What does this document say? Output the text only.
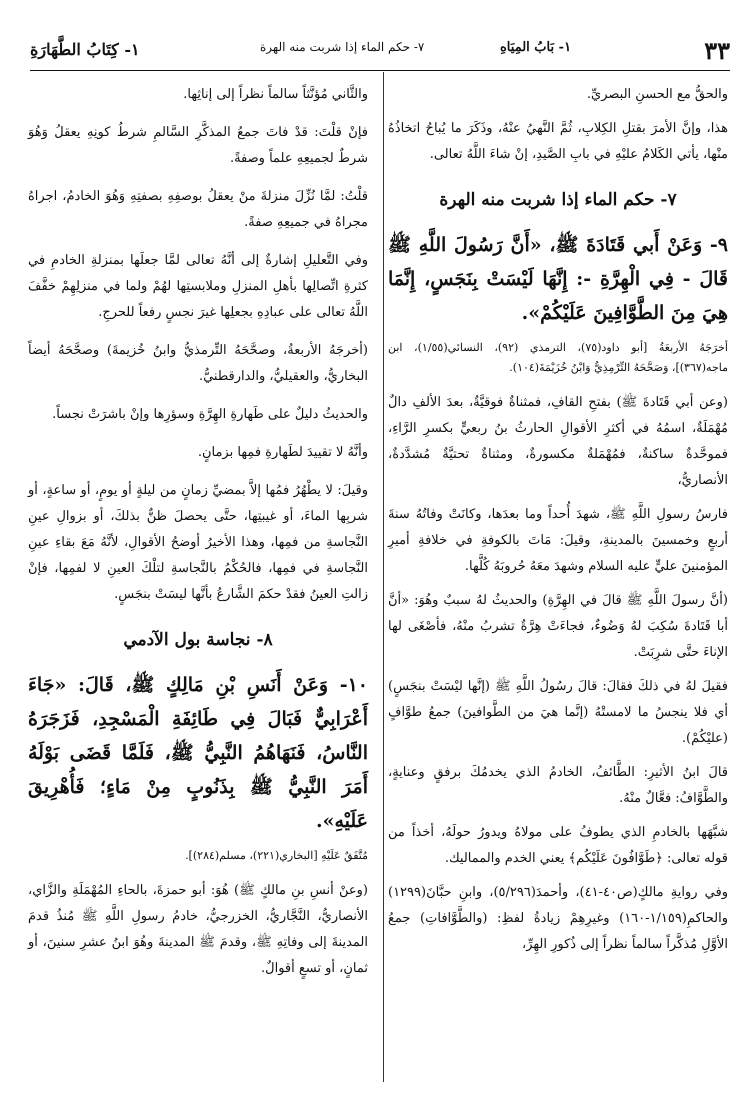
٣٣
١- بَابُ المِيَاهِ
٧- حكم الماء إذا شربت منه الهرة
١- كِتَابُ الطَّهَارَةِ

والحقُّ مع الحسنِ البصريِّ.

هذا، وإنَّ الأمرَ بقتلِ الكِلابِ، ثُمَّ النَّهيُ عنْهُ، وذَكَرَ ما يُباحُ اتخاذُهُ منْها، يأتي الكَلامُ عليْهِ في بابِ الصَّيدِ، إنْ شاءَ اللَّهُ تعالى.

٧- حكم الماء إذا شربت منه الهرة

٩- وَعَنْ أَبي قَتَادَةَ ﷺ، «أَنَّ رَسُولَ اللَّهِ ﷺ قَالَ - فِي الْهِرَّةِ -: إِنَّهَا لَيْسَتْ بِنَجَسٍ، إِنَّمَا هِيَ مِنَ الطَّوَّافِينَ عَلَيْكُمْ».

أخرَجَهُ الأربعَةُ [أبو داود(٧٥)، الترمذي (٩٢)، النسائي(١/٥٥)، ابن ماجه(٣٦٧)]، وَصَحَّحَهُ التِّرْمِذِيُّ وَابْنُ خُزَيْمَةَ(١٠٤).

(وعن أبي قَتَادةَ ﷺ) بفتحِ القافِ، فمثناةٌ فوقيَّةٌ، بعدَ الألفِ دالٌ مُهْمَلَةٌ، اسمُهُ في أكثرِ الأقوالِ الحارثُ بنُ ربعيٍّ بكسرِ الرَّاءِ، فموحَّدةٌ ساكنةٌ، فمُهْمَلةٌ مكسورةٌ، ومثناةٌ تحتيَّةٌ مُشدَّدةٌ، الأنصاريُّ،

فارسُ رسولِ اللَّهِ ﷺ، شهدَ أُحداً وما بعدَها، وكانَتْ وفاتُهُ سنةَ أربعٍ وخمسينَ بالمدينةِ، وقيلَ: مَاتَ بالكوفةِ في خلافةِ أميرِ المؤمنينَ عليٍّ عليه السلام وشهدَ معَهُ حُروبَهُ كُلَّها.

(أنَّ رسولَ اللَّهِ ﷺ قالَ في الهِرَّةِ) والحديثُ لهُ سببٌ وهُوَ: «أنَّ أبا قَتَادةَ سُكِبَ لهُ وَضُوءٌ، فجاءَتْ هِرَّةٌ تشربُ منْهُ، فأصْغَى لها الإناءَ حتَّى شرِبَتْ.

فقيلَ لهُ في ذلكَ فقالَ: قالَ رسُولُ اللَّهِ ﷺ (إنَّها ليْسَتْ بنجَسٍ) أي فلا ينجسُ ما لامستْهُ (إنَّما هيَ من الطَّوافينَ) جمعُ طوَّافٍ (عليْكُمْ).

قالَ ابنُ الأثيرِ: الطَّائفُ، الخادمُ الذي يخدمُكَ برفقٍ وعنايةٍ، والطَّوَّافُ: فعَّالٌ منْهُ.

شبَّهَها بالخادمِ الذي يطوفُ على مولاهُ ويدورُ حولَهُ، أخذاً من قوله تعالى: ﴿طَوَّافُونَ عَلَيْكُم﴾ يعني الخدم والمماليك.

وفي روايةِ مالكٍ(ص٤٠-٤١)، وأحمدَ(٥/٢٩٦)، وابنِ حبَّانَ(١٢٩٩) والحاكمِ(١/١٥٩-١٦٠) وغيرِهِمْ زيادةُ لفظِ: (والطَّوَّافاتِ) جمعُ الأوَّلِ مُذكَّراً سالماً نظراً إلى ذُكورِ الهِرِّ،

والثَّاني مُؤنَّثاً سالماً نظراً إلى إناثِها.

فإنْ قلْتَ: قدْ فاتَ جمعُ المذكَّرِ السَّالمِ شرطُ كونِهِ يعقلُ وَهُوَ شرطٌ لجميعِهِ علماً وصفةً.

قلْتُ: لمَّا نُزِّلَ منزلةَ منْ يعقلُ بوصفِهِ بصفتِهِ وَهُوَ الخادمُ، اجراهُ مجراهُ في جميعِهِ صفةً.

وفي التَّعليلِ إشارةٌ إلى أنَّهُ تعالى لمَّا جعلَها بمنزلةِ الخادمِ في كثرةِ اتِّصالِها بأهلِ المنزلِ وملابستِها لهُمْ ولما في منزلِهِمْ خفَّفَ اللَّهُ تعالى على عبادِهِ بجعلِها غيرَ نجسٍ رفعاً للحرجِ.

(أخرجَهُ الأربعةُ، وصحَّحَهُ التِّرمذيُّ وابنُ خُزيمةَ) وصحَّحَهُ أيضاً البخاريُّ، والعقيليُّ، والدارقطنيُّ.

والحديثُ دليلٌ على طَهارةِ الهِرَّةِ وسؤرِها وإنْ باشرَتْ نجساً.

وأنَّهُ لا تقييدَ لطَهارةِ فمِها بزمانٍ.

وقيلَ: لا يطْهُرُ فمُها إلاَّ بمضيِّ زمانٍ من ليلةٍ أو يومٍ، أو ساعةٍ، أو شربِها الماءَ، أو غيبتِها، حتَّى يحصلَ ظنٌّ بذلكَ، أو بزوالِ عينِ النَّجاسةِ من فمِها، وهذا الأخيرُ أوضحُ الأقوالِ، لأنَّهُ مَعَ بقاءِ عينِ النَّجاسةِ في فمِها، فالحُكْمُ بالنَّجاسةِ لتلْكَ العينِ لا لفمِها، فإنْ زالتِ العينُ فقدْ حكمَ الشَّارعُ بأنَّها ليسَتْ بنجَسٍ.

٨- نجاسة بول الآدمي

١٠- وَعَنْ أَنَسِ بْنِ مَالِكٍ ﷺ، قَالَ: «جَاءَ أَعْرَابِيٌّ فَبَالَ فِي طَائِفَةِ الْمَسْجِدِ، فَزَجَرَهُ النَّاسُ، فَنَهَاهُمُ النَّبِيُّ ﷺ، فَلَمَّا قَضَى بَوْلَهُ أَمَرَ النَّبِيُّ ﷺ بِذَنُوبٍ مِنْ مَاءٍ؛ فَأُهْرِيقَ عَلَيْهِ».

مُتَّفَقٌ عَلَيْهِ [البخاري(٢٢١)، مسلم(٢٨٤)].

(وعنْ أنسِ بنِ مالكٍ ﷺ) هُوَ: أبو حمزةَ، بالحاءِ المُهْمَلَةِ والزَّاي، الأنصاريُّ، النَّجَّاريُّ، الخزرجيُّ، خادمُ رسولِ اللَّهِ ﷺ مُنذُ قدمَ المدينةَ إلى وفاتِهِ ﷺ، وقدمَ ﷺ المدينةَ وهُوَ ابنُ عشرِ سنينَ، أو ثمانٍ، أو تسعٍ أقوالٌ.
